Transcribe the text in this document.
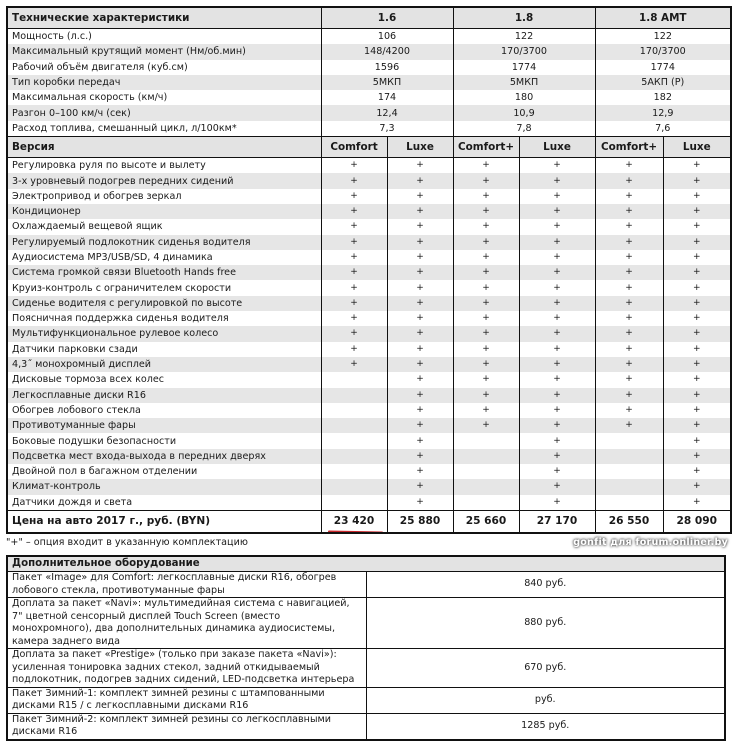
Технические характеристики	1.6		1.8		1.8 AMT	
Мощность (л.с.)	106		122		122	
Максимальный крутящий момент (Нм/об.мин)	148/4200		170/3700		170/3700	
Рабочий объём двигателя (куб.см)	1596		1774		1774	
Тип коробки передач	5МКП		5МКП		5АКП (Р)	
Максимальная скорость (км/ч)	174		180		182	
Разгон 0–100 км/ч (сек)	12,4		10,9		12,9	
Расход топлива, смешанный цикл, л/100км*	7,3		7,8		7,6	
Версия	Comfort	Luxe	Comfort+	Luxe	Comfort+	Luxe
Регулировка руля по высоте и вылету	+	+	+	+	+	+
3-х уровневый подогрев передних сидений	+	+	+	+	+	+
Электропривод и обогрев зеркал	+	+	+	+	+	+
Кондиционер	+	+	+	+	+	+
Охлаждаемый вещевой ящик	+	+	+	+	+	+
Регулируемый подлокотник сиденья водителя	+	+	+	+	+	+
Аудиосистема MP3/USB/SD, 4 динамика	+	+	+	+	+	+
Система громкой связи Bluetooth Hands free	+	+	+	+	+	+
Круиз-контроль с ограничителем скорости	+	+	+	+	+	+
Сиденье водителя с регулировкой по высоте	+	+	+	+	+	+
Поясничная поддержка сиденья водителя	+	+	+	+	+	+
Мультифункциональное рулевое колесо	+	+	+	+	+	+
Датчики парковки сзади	+	+	+	+	+	+
4,3˝ монохромный дисплей	+	+	+	+	+	+
Дисковые тормоза всех колес		+	+	+	+	+
Легкосплавные диски R16		+	+	+	+	+
Обогрев лобового стекла		+	+	+	+	+
Противотуманные фары		+	+	+	+	+
Боковые подушки безопасности		+		+		+
Подсветка мест входа-выхода в передних дверях		+		+		+
Двойной пол в багажном отделении		+		+		+
Климат-контроль		+		+		+
Датчики дождя и света		+		+		+
Цена на авто 2017 г., руб. (BYN)	23 420	25 880	25 660	27 170	26 550	28 090
"+" – опция входит в указанную комплектацию
Дополнительное оборудование	
Пакет «Image» для Comfort: легкосплавные диски R16, обогрев лобового стекла, противотуманные фары	840 руб.
Доплата за пакет «Navi»: мультимедийная система с навигацией, 7" цветной сенсорный дисплей Touch Screen (вместо монохромного), два дополнительных динамика аудиосистемы, камера заднего вида	880 руб.
Доплата за пакет «Prestige» (только при заказе пакета «Navi»): усиленная тонировка задних стекол, задний откидываемый подлокотник, подогрев задних сидений, LED-подсветка интерьера	670 руб.
Пакет Зимний-1: комплект зимней резины с штампованными дисками R15 / с легкосплавными дисками R16	руб.
Пакет Зимний-2: комплект зимней резины со легкосплавными дисками R16	1285 руб.
gonfit для forum.onliner.by
